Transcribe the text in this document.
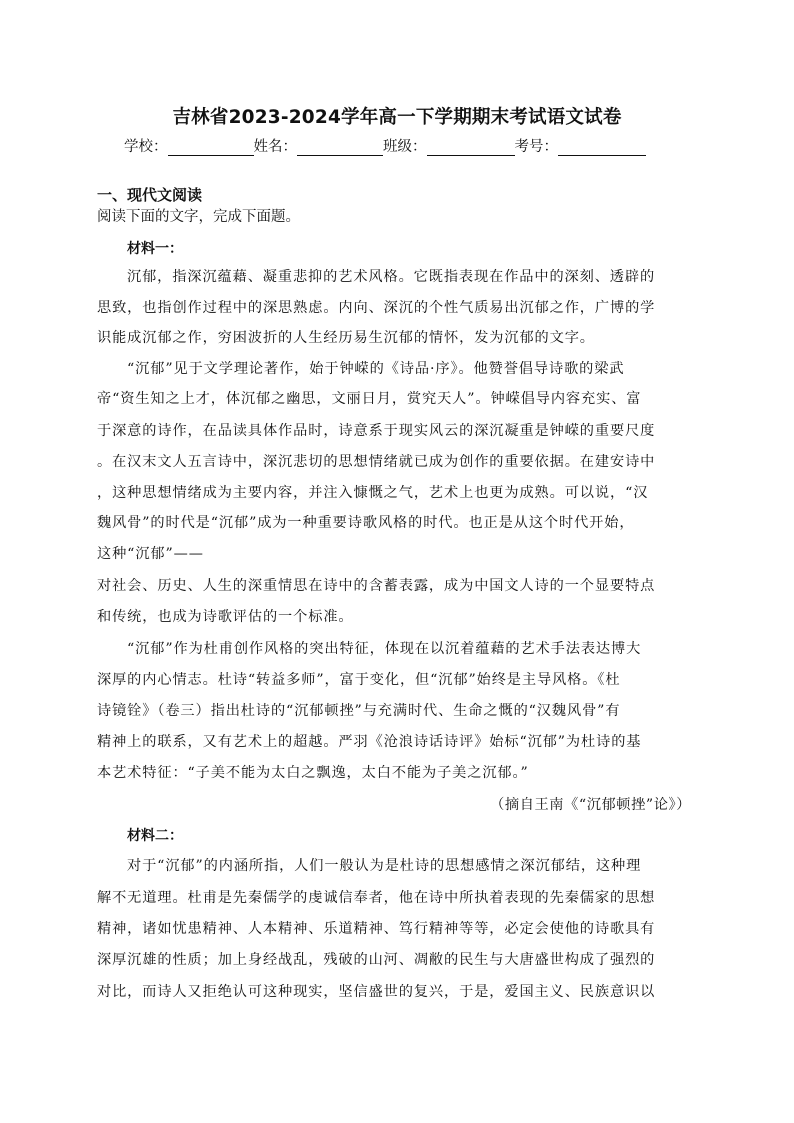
吉林省2023-2024学年高一下学期期末考试语文试卷
学校：	姓名：	班级：	考号：
一、现代文阅读
阅读下面的文字，完成下面题。
材料一：
沉郁，指深沉蕴藉、凝重悲抑的艺术风格。它既指表现在作品中的深刻、透辟的
思致，也指创作过程中的深思熟虑。内向、深沉的个性气质易出沉郁之作，广博的学
识能成沉郁之作，穷困波折的人生经历易生沉郁的情怀，发为沉郁的文字。
“沉郁”见于文学理论著作，始于钟嵘的《诗品·序》。他赞誉倡导诗歌的梁武
帝“资生知之上才，体沉郁之幽思，文丽日月，赏究天人”。钟嵘倡导内容充实、富
于深意的诗作，在品读具体作品时，诗意系于现实风云的深沉凝重是钟嵘的重要尺度
。在汉末文人五言诗中，深沉悲切的思想情绪就已成为创作的重要依据。在建安诗中
，这种思想情绪成为主要内容，并注入慷慨之气，艺术上也更为成熟。可以说，“汉
魏风骨”的时代是“沉郁”成为一种重要诗歌风格的时代。也正是从这个时代开始，
这种“沉郁”——
对社会、历史、人生的深重情思在诗中的含蓄表露，成为中国文人诗的一个显要特点
和传统，也成为诗歌评估的一个标准。
“沉郁”作为杜甫创作风格的突出特征，体现在以沉着蕴藉的艺术手法表达博大
深厚的内心情志。杜诗“转益多师”，富于变化，但“沉郁”始终是主导风格。《杜
诗镜铨》（卷三）指出杜诗的“沉郁顿挫”与充满时代、生命之慨的“汉魏风骨”有
精神上的联系，又有艺术上的超越。严羽《沧浪诗话诗评》始标“沉郁”为杜诗的基
本艺术特征：“子美不能为太白之飘逸，太白不能为子美之沉郁。”
（摘自王南《“沉郁顿挫”论》）
材料二：
对于“沉郁”的内涵所指，人们一般认为是杜诗的思想感情之深沉郁结，这种理
解不无道理。杜甫是先秦儒学的虔诚信奉者，他在诗中所执着表现的先秦儒家的思想
精神，诸如忧患精神、人本精神、乐道精神、笃行精神等等，必定会使他的诗歌具有
深厚沉雄的性质；加上身经战乱，残破的山河、凋敝的民生与大唐盛世构成了强烈的
对比，而诗人又拒绝认可这种现实，坚信盛世的复兴，于是，爱国主义、民族意识以
